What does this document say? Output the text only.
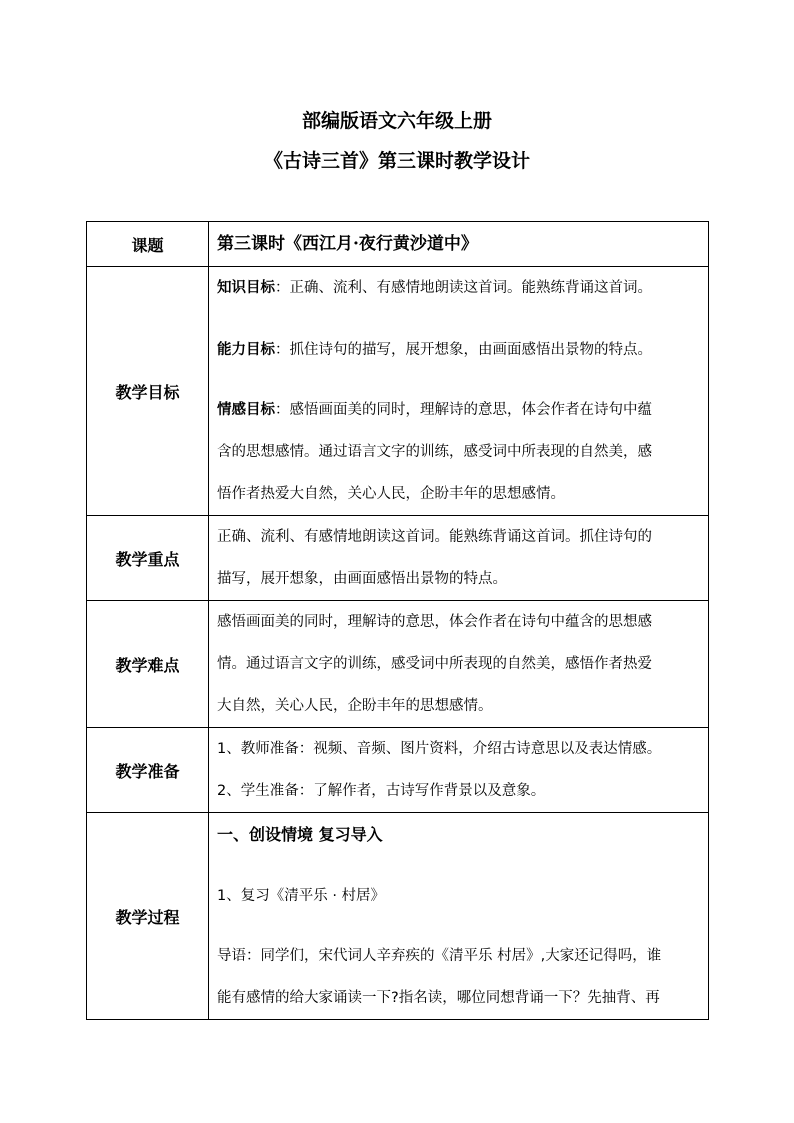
部编版语文六年级上册
《古诗三首》第三课时教学设计
课题	第三课时《西江月·夜行黄沙道中》

教学目标	知识目标：正确、流利、有感情地朗读这首词。能熟练背诵这首词。
能力目标：抓住诗句的描写，展开想象，由画面感悟出景物的特点。
情感目标：感悟画面美的同时，理解诗的意思，体会作者在诗句中蕴
含的思想感情。通过语言文字的训练，感受词中所表现的自然美，感
悟作者热爱大自然，关心人民，企盼丰年的思想感情。

教学重点	正确、流利、有感情地朗读这首词。能熟练背诵这首词。抓住诗句的
描写，展开想象，由画面感悟出景物的特点。

教学难点	感悟画面美的同时，理解诗的意思，体会作者在诗句中蕴含的思想感
情。通过语言文字的训练，感受词中所表现的自然美，感悟作者热爱
大自然，关心人民，企盼丰年的思想感情。

教学准备	1、教师准备：视频、音频、图片资料，介绍古诗意思以及表达情感。
2、学生准备：了解作者，古诗写作背景以及意象。

教学过程	一、创设情境 复习导入
1、复习《清平乐 · 村居》
导语：同学们，宋代词人辛弃疾的《清平乐 村居》,大家还记得吗，谁
能有感情的给大家诵读一下?指名读，哪位同想背诵一下？先抽背、再
